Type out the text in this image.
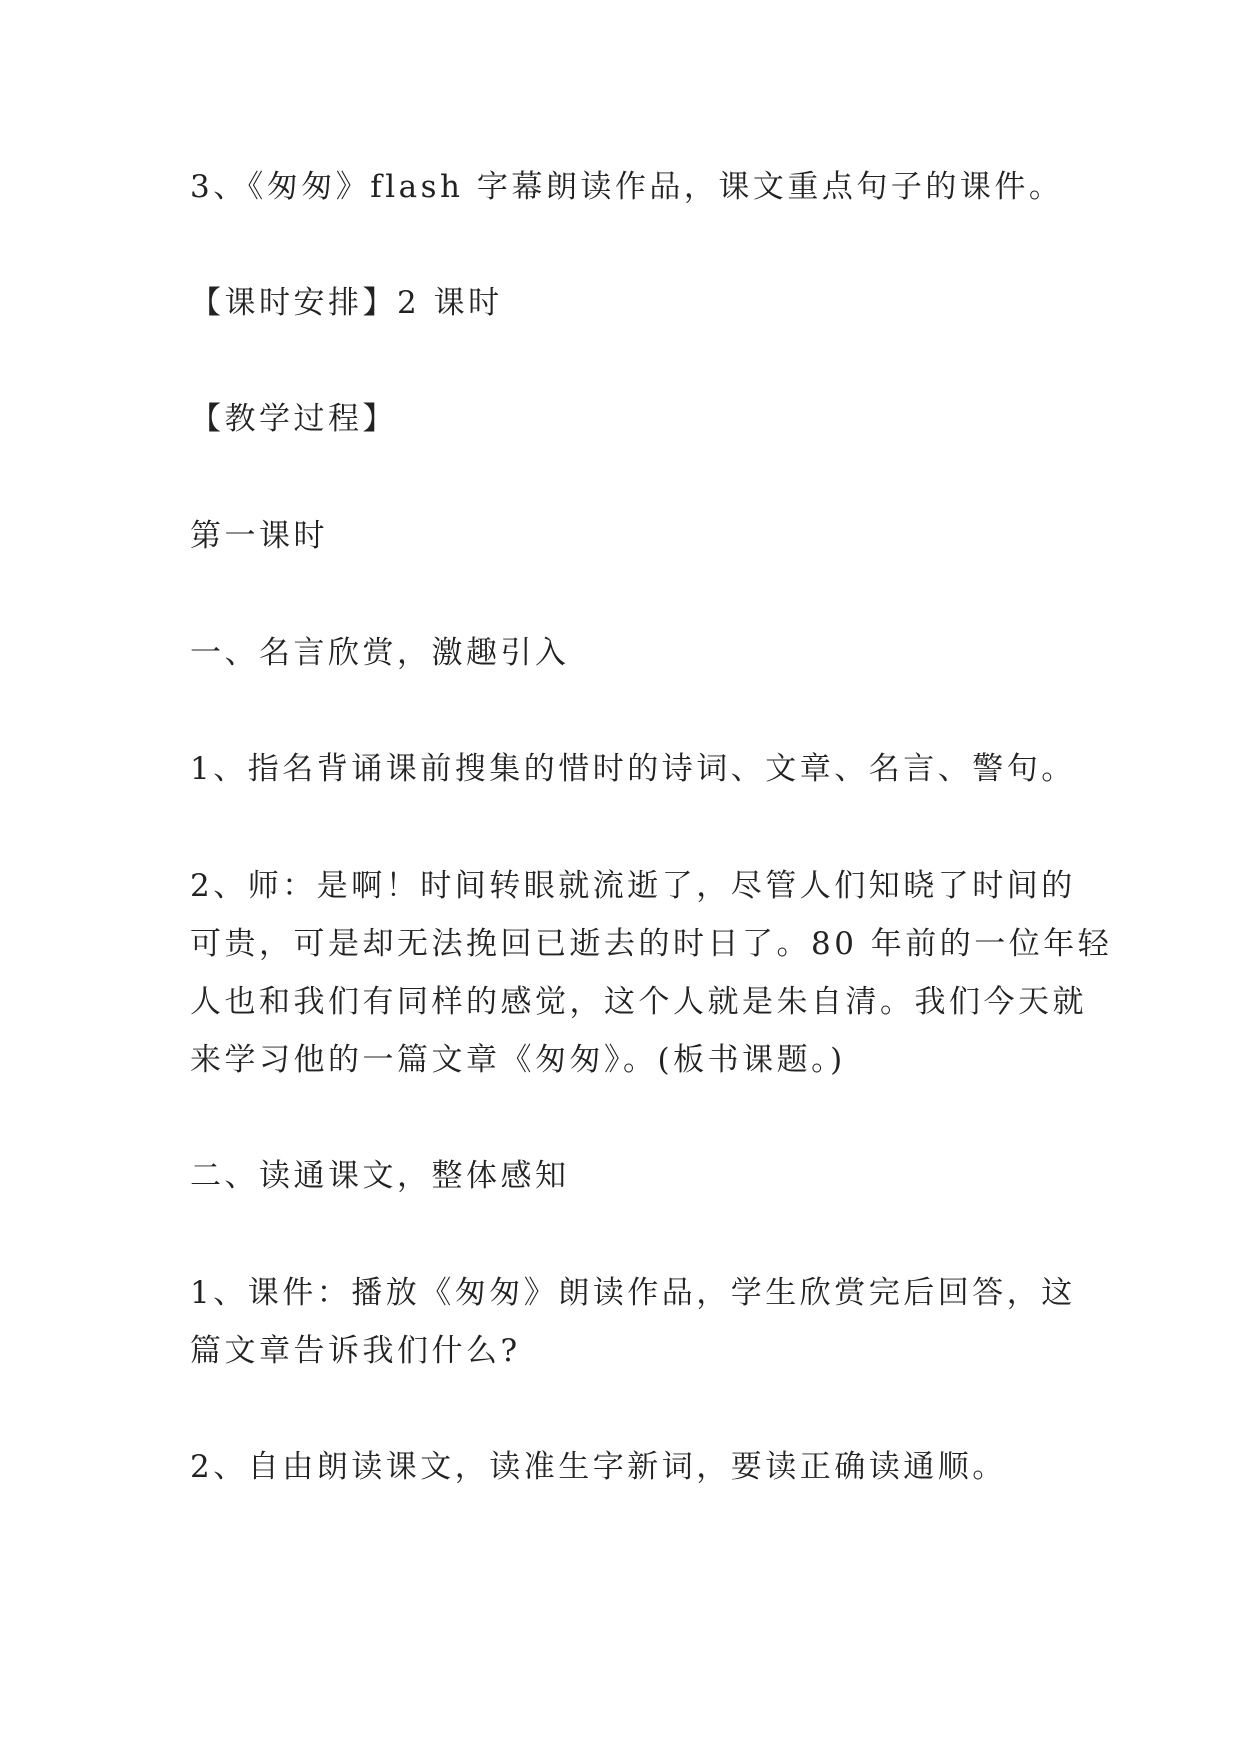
3、《匆匆》flash 字幕朗读作品，课文重点句子的课件。

【课时安排】2 课时

【教学过程】

第一课时

一、名言欣赏，激趣引入

1、指名背诵课前搜集的惜时的诗词、文章、名言、警句。

2、师：是啊！时间转眼就流逝了，尽管人们知晓了时间的
可贵，可是却无法挽回已逝去的时日了。80 年前的一位年轻
人也和我们有同样的感觉，这个人就是朱自清。我们今天就
来学习他的一篇文章《匆匆》。(板书课题。)

二、读通课文，整体感知

1、课件：播放《匆匆》朗读作品，学生欣赏完后回答，这
篇文章告诉我们什么?

2、自由朗读课文，读准生字新词，要读正确读通顺。
